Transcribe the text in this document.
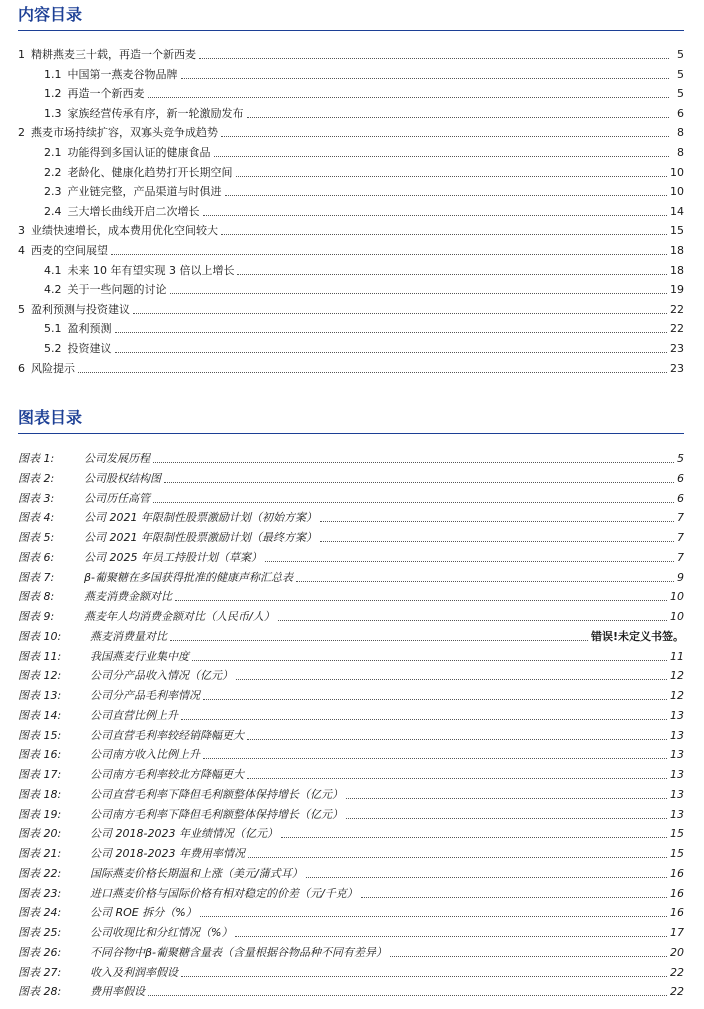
内容目录
1 精耕燕麦三十载，再造一个新西麦	5
1.1 中国第一燕麦谷物品牌	5
1.2 再造一个新西麦	5
1.3 家族经营传承有序，新一轮激励发布	6
2 燕麦市场持续扩容，双寡头竞争成趋势	8
2.1 功能得到多国认证的健康食品	8
2.2 老龄化、健康化趋势打开长期空间	10
2.3 产业链完整，产品渠道与时俱进	10
2.4 三大增长曲线开启二次增长	14
3 业绩快速增长，成本费用优化空间较大	15
4 西麦的空间展望	18
4.1 未来 10 年有望实现 3 倍以上增长	18
4.2 关于一些问题的讨论	19
5 盈利预测与投资建议	22
5.1 盈利预测	22
5.2 投资建议	23
6 风险提示	23
图表目录
图表 1:	公司发展历程	5
图表 2:	公司股权结构图	6
图表 3:	公司历任高管	6
图表 4:	公司 2021 年限制性股票激励计划（初始方案）	7
图表 5:	公司 2021 年限制性股票激励计划（最终方案）	7
图表 6:	公司 2025 年员工持股计划（草案）	7
图表 7:	β-葡聚糖在多国获得批准的健康声称汇总表	9
图表 8:	燕麦消费金额对比	10
图表 9:	燕麦年人均消费金额对比（人民币/人）	10
图表 10:	燕麦消费量对比	错误!未定义书签。
图表 11:	我国燕麦行业集中度	11
图表 12:	公司分产品收入情况（亿元）	12
图表 13:	公司分产品毛利率情况	12
图表 14:	公司直营比例上升	13
图表 15:	公司直营毛利率较经销降幅更大	13
图表 16:	公司南方收入比例上升	13
图表 17:	公司南方毛利率较北方降幅更大	13
图表 18:	公司直营毛利率下降但毛利额整体保持增长（亿元）	13
图表 19:	公司南方毛利率下降但毛利额整体保持增长（亿元）	13
图表 20:	公司 2018-2023 年业绩情况（亿元）	15
图表 21:	公司 2018-2023 年费用率情况	15
图表 22:	国际燕麦价格长期温和上涨（美元/蒲式耳）	16
图表 23:	进口燕麦价格与国际价格有相对稳定的价差（元/千克）	16
图表 24:	公司 ROE 拆分（%）	16
图表 25:	公司收现比和分红情况（%）	17
图表 26:	不同谷物中β-葡聚糖含量表（含量根据谷物品种不同有差异）	20
图表 27:	收入及利润率假设	22
图表 28:	费用率假设	22
